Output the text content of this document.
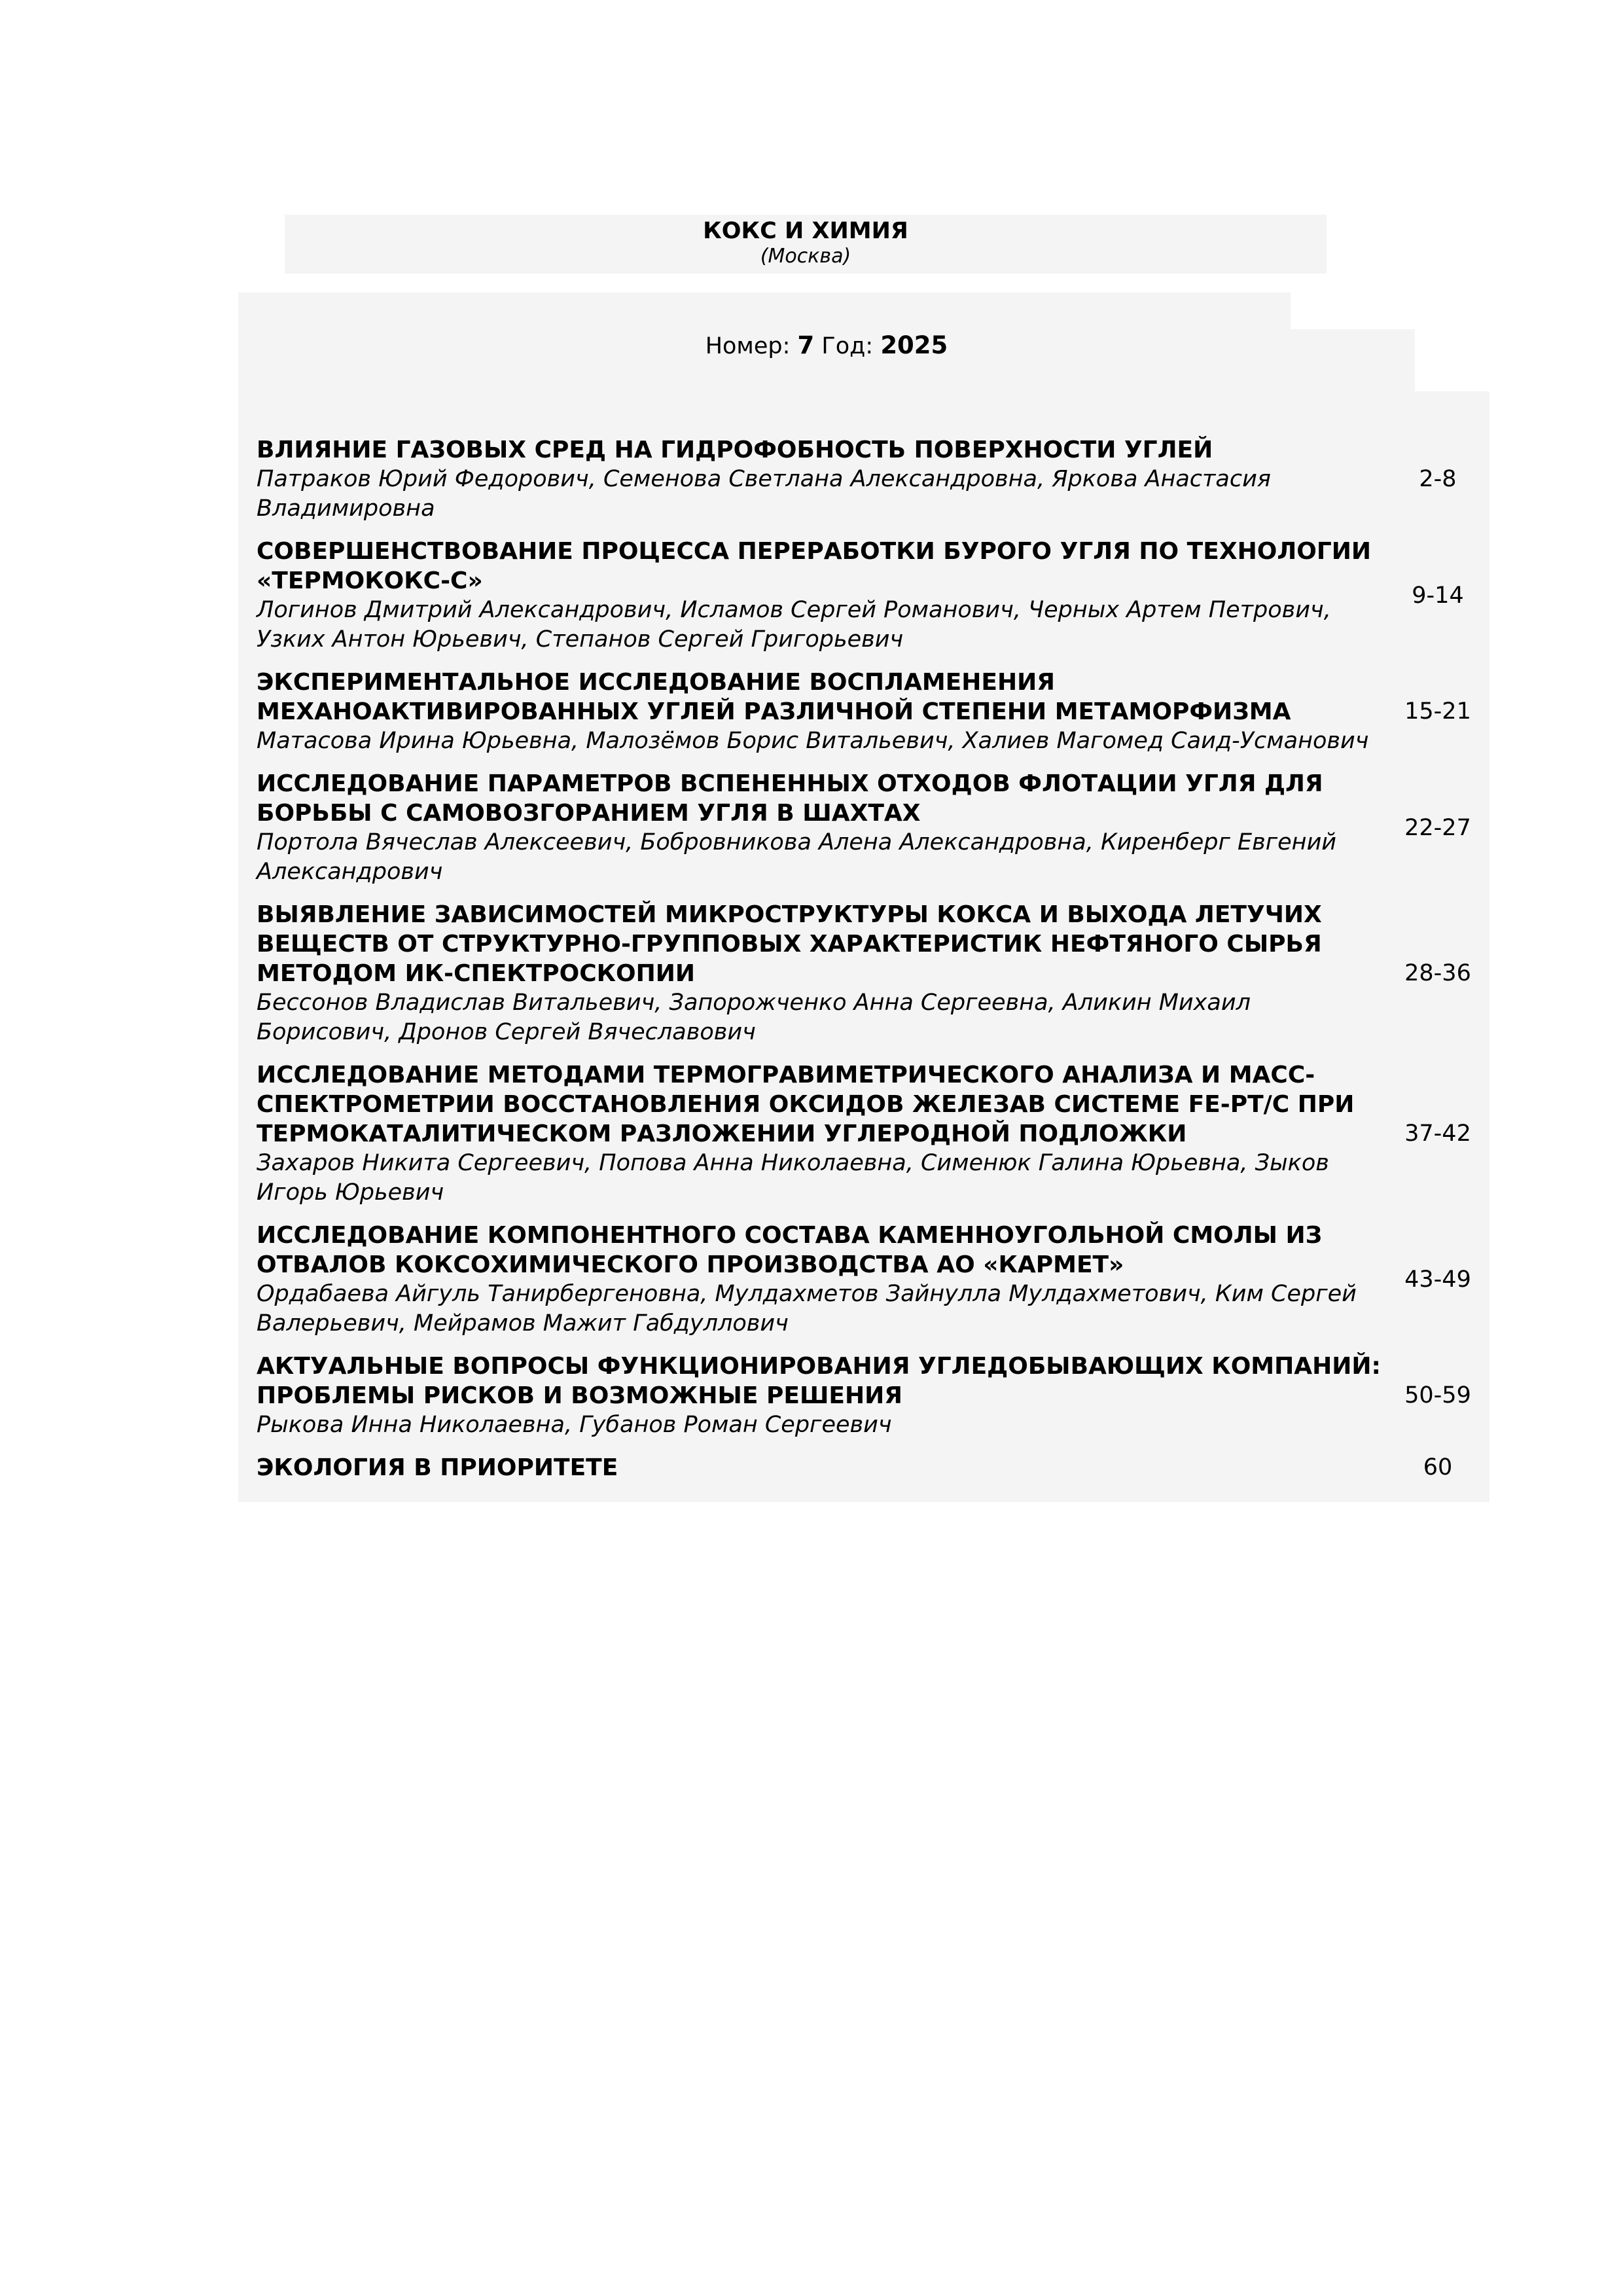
КОКС И ХИМИЯ
(Москва)
Номер: 7 Год: 2025
ВЛИЯНИЕ ГАЗОВЫХ СРЕД НА ГИДРОФОБНОСТЬ ПОВЕРХНОСТИ УГЛЕЙ
Патраков Юрий Федорович, Семенова Светлана Александровна, Яркова Анастасия Владимировна
2-8
СОВЕРШЕНСТВОВАНИЕ ПРОЦЕССА ПЕРЕРАБОТКИ БУРОГО УГЛЯ ПО ТЕХНОЛОГИИ «ТЕРМОКОКС-С»
Логинов Дмитрий Александрович, Исламов Сергей Романович, Черных Артем Петрович, Узких Антон Юрьевич, Степанов Сергей Григорьевич
9-14
ЭКСПЕРИМЕНТАЛЬНОЕ ИССЛЕДОВАНИЕ ВОСПЛАМЕНЕНИЯ МЕХАНОАКТИВИРОВАННЫХ УГЛЕЙ РАЗЛИЧНОЙ СТЕПЕНИ МЕТАМОРФИЗМА
Матасова Ирина Юрьевна, Малозёмов Борис Витальевич, Халиев Магомед Саид-Усманович
15-21
ИССЛЕДОВАНИЕ ПАРАМЕТРОВ ВСПЕНЕННЫХ ОТХОДОВ ФЛОТАЦИИ УГЛЯ ДЛЯ БОРЬБЫ С САМОВОЗГОРАНИЕМ УГЛЯ В ШАХТАХ
Портола Вячеслав Алексеевич, Бобровникова Алена Александровна, Киренберг Евгений Александрович
22-27
ВЫЯВЛЕНИЕ ЗАВИСИМОСТЕЙ МИКРОСТРУКТУРЫ КОКСА И ВЫХОДА ЛЕТУЧИХ ВЕЩЕСТВ ОТ СТРУКТУРНО-ГРУППОВЫХ ХАРАКТЕРИСТИК НЕФТЯНОГО СЫРЬЯ МЕТОДОМ ИК-СПЕКТРОСКОПИИ
Бессонов Владислав Витальевич, Запорожченко Анна Сергеевна, Аликин Михаил Борисович, Дронов Сергей Вячеславович
28-36
ИССЛЕДОВАНИЕ МЕТОДАМИ ТЕРМОГРАВИМЕТРИЧЕСКОГО АНАЛИЗА И МАСС-СПЕКТРОМЕТРИИ ВОССТАНОВЛЕНИЯ ОКСИДОВ ЖЕЛЕЗАВ СИСТЕМЕ FE-PT/C ПРИ ТЕРМОКАТАЛИТИЧЕСКОМ РАЗЛОЖЕНИИ УГЛЕРОДНОЙ ПОДЛОЖКИ
Захаров Никита Сергеевич, Попова Анна Николаевна, Сименюк Галина Юрьевна, Зыков Игорь Юрьевич
37-42
ИССЛЕДОВАНИЕ КОМПОНЕНТНОГО СОСТАВА КАМЕННОУГОЛЬНОЙ СМОЛЫ ИЗ ОТВАЛОВ КОКСОХИМИЧЕСКОГО ПРОИЗВОДСТВА АО «КАРМЕТ»
Ордабаева Айгуль Танирбергеновна, Мулдахметов Зайнулла Мулдахметович, Ким Сергей Валерьевич, Мейрамов Мажит Габдуллович
43-49
АКТУАЛЬНЫЕ ВОПРОСЫ ФУНКЦИОНИРОВАНИЯ УГЛЕДОБЫВАЮЩИХ КОМПАНИЙ: ПРОБЛЕМЫ РИСКОВ И ВОЗМОЖНЫЕ РЕШЕНИЯ
Рыкова Инна Николаевна, Губанов Роман Сергеевич
50-59
ЭКОЛОГИЯ В ПРИОРИТЕТЕ	60
